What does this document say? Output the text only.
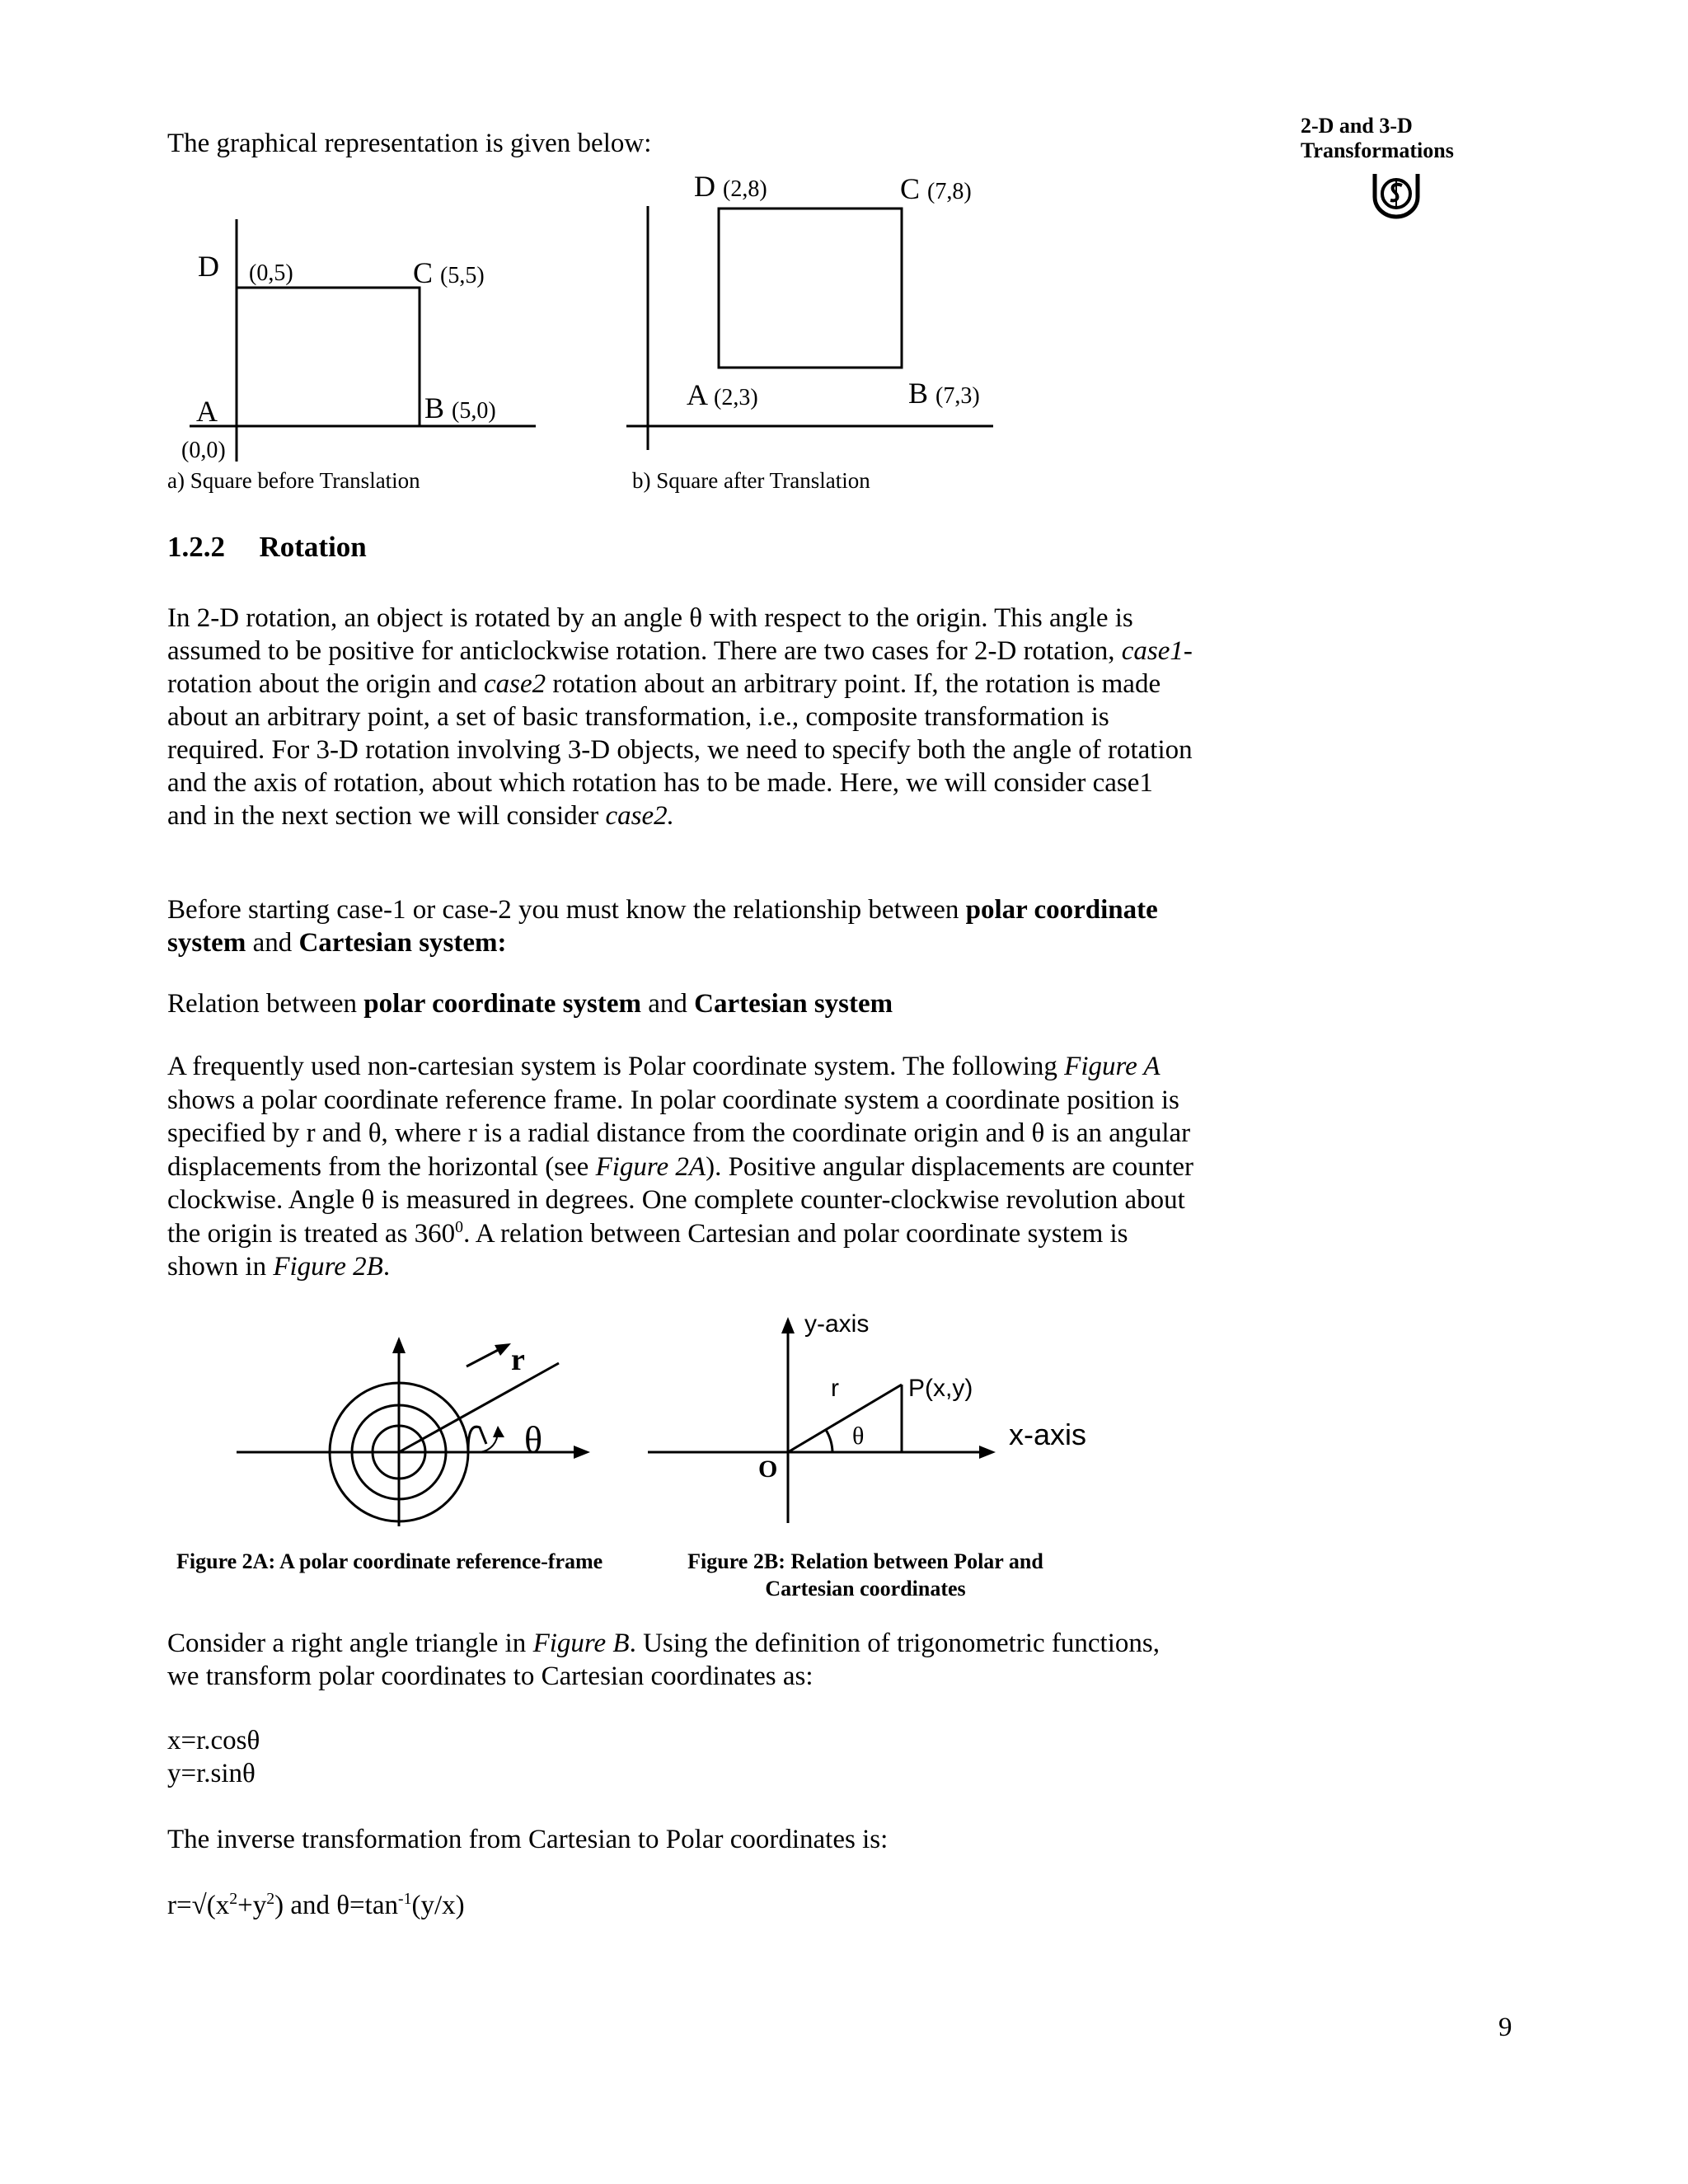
2-D and 3-D
Transformations
The graphical representation is given below:
D (0,5)	C (5,5)
A
(0,0)
B (5,0)
a) Square before Translation
D (2,8)	C (7,8)
A (2,3)	B (7,3)
b) Square after Translation
1.2.2 Rotation

In 2-D rotation, an object is rotated by an angle θ with respect to the origin. This angle is assumed to be positive for anticlockwise rotation. There are two cases for 2-D rotation, case1- rotation about the origin and case2 rotation about an arbitrary point. If, the rotation is made about an arbitrary point, a set of basic transformation, i.e., composite transformation is required. For 3-D rotation involving 3-D objects, we need to specify both the angle of rotation and the axis of rotation, about which rotation has to be made. Here, we will consider case1 and in the next section we will consider case2.

Before starting case-1 or case-2 you must know the relationship between polar coordinate system and Cartesian system:

Relation between polar coordinate system and Cartesian system

A frequently used non-cartesian system is Polar coordinate system. The following Figure A shows a polar coordinate reference frame. In polar coordinate system a coordinate position is specified by r and θ, where r is a radial distance from the coordinate origin and θ is an angular displacements from the horizontal (see Figure 2A). Positive angular displacements are counter clockwise. Angle θ is measured in degrees. One complete counter-clockwise revolution about the origin is treated as $360^0$. A relation between Cartesian and polar coordinate system is shown in Figure 2B.

r
θ
Figure 2A: A polar coordinate reference-frame
y-axis
x-axis
r	P(x,y)
θ
O
Figure 2B: Relation between Polar and
Cartesian coordinates

Consider a right angle triangle in Figure B. Using the definition of trigonometric functions, we transform polar coordinates to Cartesian coordinates as:

x=r.cosθ
y=r.sinθ
The inverse transformation from Cartesian to Polar coordinates is:
$r=√(x^2+y^2)$ and $\theta=\tan^{-1}(y/x)$
9
